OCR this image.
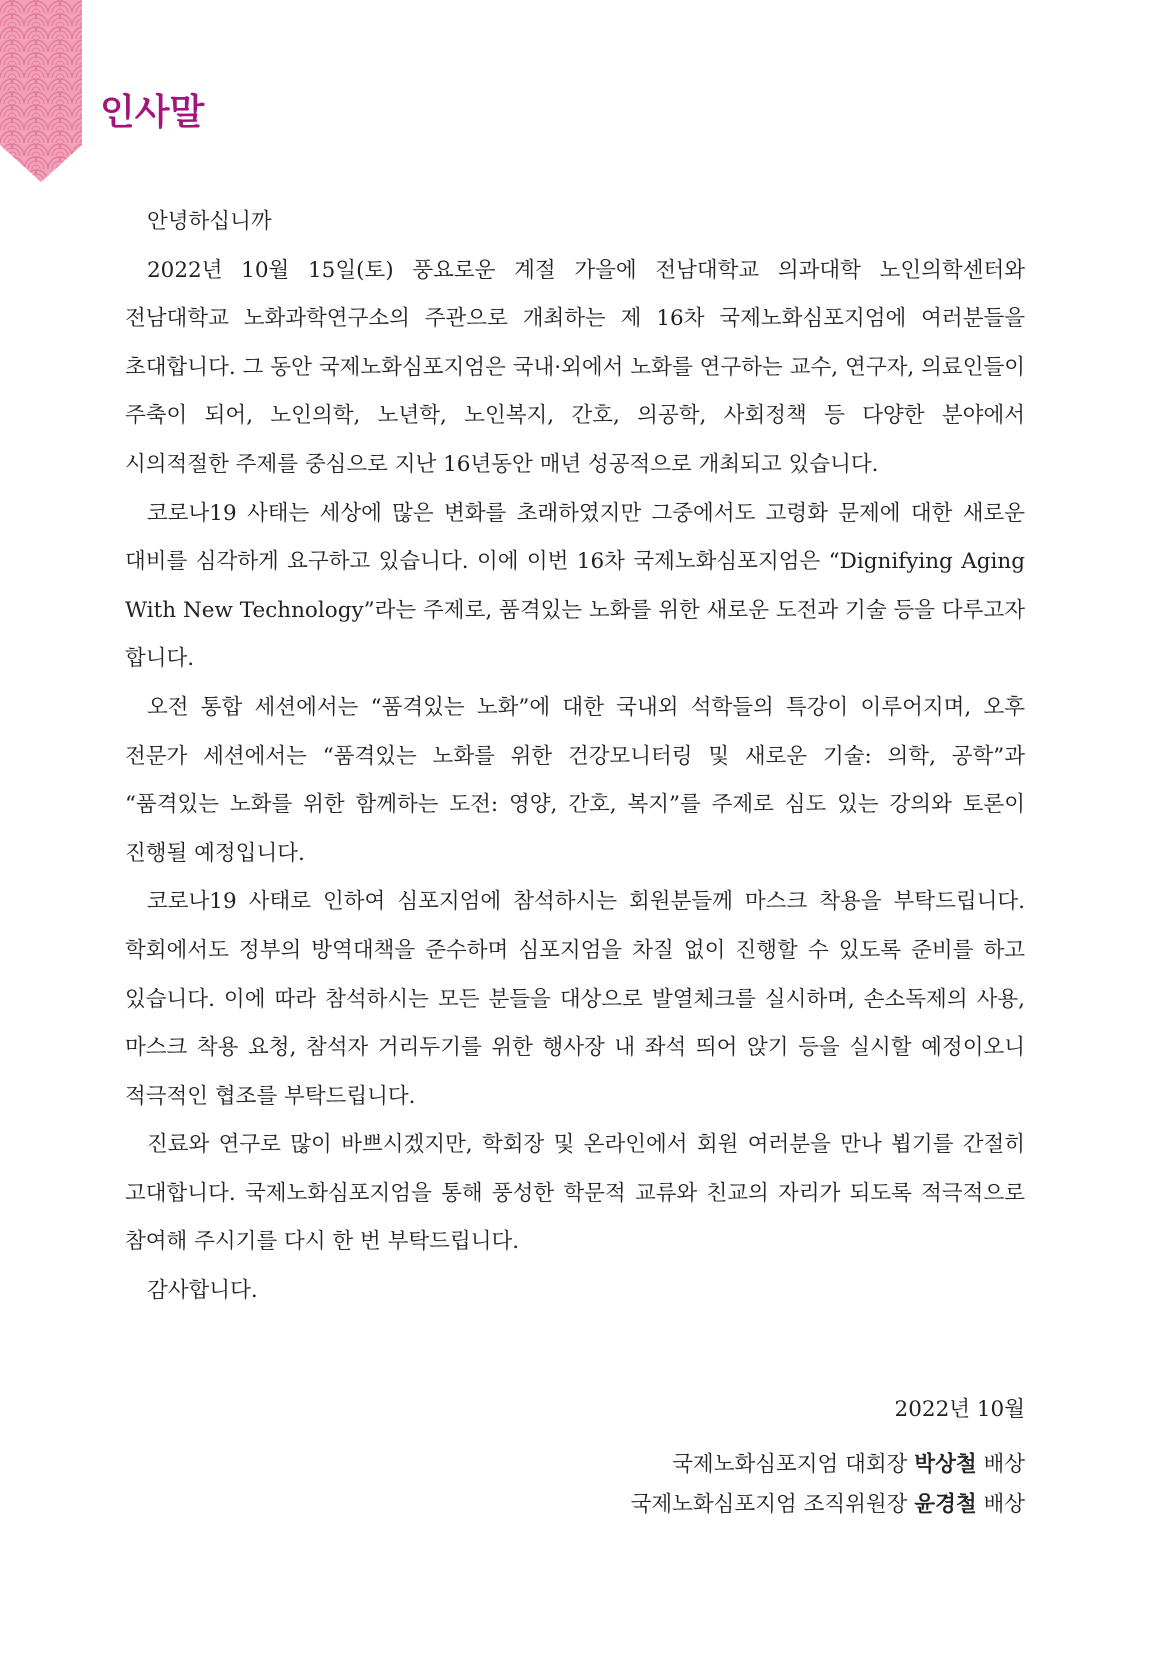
인사말

안녕하십니까

2022년 10월 15일(토) 풍요로운 계절 가을에 전남대학교 의과대학 노인의학센터와 전남대학교 노화과학연구소의 주관으로 개최하는 제 16차 국제노화심포지엄에 여러분들을 초대합니다. 그 동안 국제노화심포지엄은 국내·외에서 노화를 연구하는 교수, 연구자, 의료인들이 주축이 되어, 노인의학, 노년학, 노인복지, 간호, 의공학, 사회정책 등 다양한 분야에서 시의적절한 주제를 중심으로 지난 16년동안 매년 성공적으로 개최되고 있습니다.

코로나19 사태는 세상에 많은 변화를 초래하였지만 그중에서도 고령화 문제에 대한 새로운 대비를 심각하게 요구하고 있습니다. 이에 이번 16차 국제노화심포지엄은 “Dignifying Aging With New Technology”라는 주제로, 품격있는 노화를 위한 새로운 도전과 기술 등을 다루고자 합니다.

오전 통합 세션에서는 “품격있는 노화”에 대한 국내외 석학들의 특강이 이루어지며, 오후 전문가 세션에서는 “품격있는 노화를 위한 건강모니터링 및 새로운 기술: 의학, 공학”과 “품격있는 노화를 위한 함께하는 도전: 영양, 간호, 복지”를 주제로 심도 있는 강의와 토론이 진행될 예정입니다.

코로나19 사태로 인하여 심포지엄에 참석하시는 회원분들께 마스크 착용을 부탁드립니다. 학회에서도 정부의 방역대책을 준수하며 심포지엄을 차질 없이 진행할 수 있도록 준비를 하고 있습니다. 이에 따라 참석하시는 모든 분들을 대상으로 발열체크를 실시하며, 손소독제의 사용, 마스크 착용 요청, 참석자 거리두기를 위한 행사장 내 좌석 띄어 앉기 등을 실시할 예정이오니 적극적인 협조를 부탁드립니다.

진료와 연구로 많이 바쁘시겠지만, 학회장 및 온라인에서 회원 여러분을 만나 뵙기를 간절히 고대합니다. 국제노화심포지엄을 통해 풍성한 학문적 교류와 친교의 자리가 되도록 적극적으로 참여해 주시기를 다시 한 번 부탁드립니다.

감사합니다.

2022년 10월

국제노화심포지엄 대회장 박상철 배상

국제노화심포지엄 조직위원장 윤경철 배상
